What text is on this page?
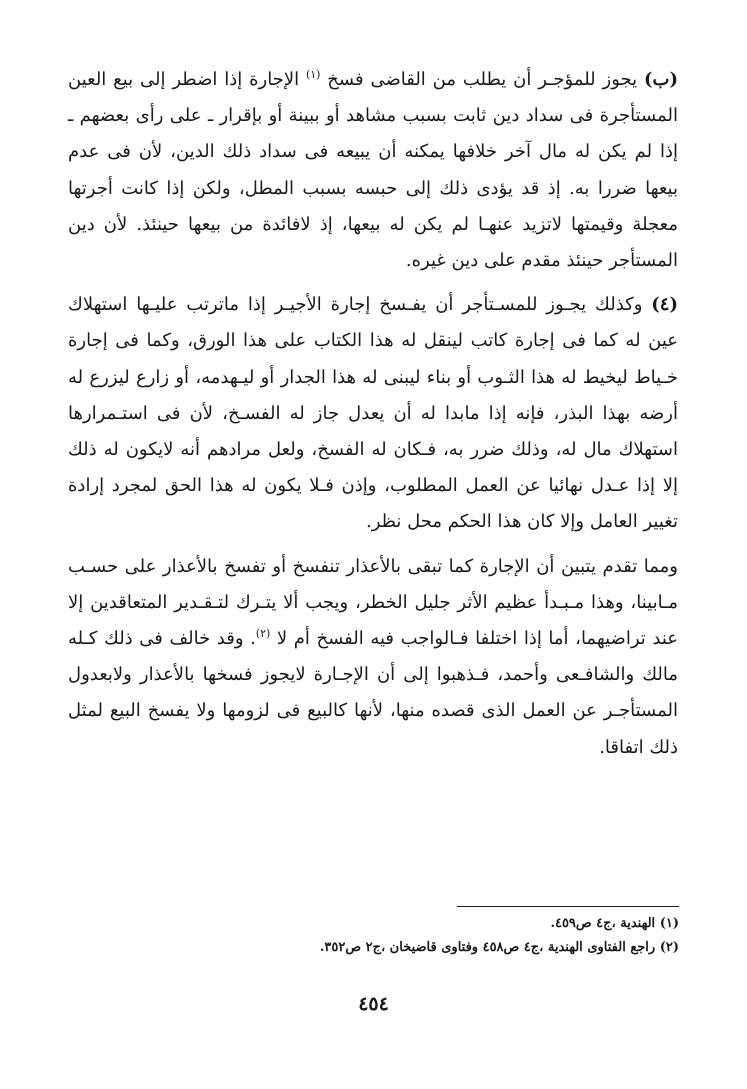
(ب) يجوز للمؤجـر أن يطلب من القاضى فسخ $^{(١)}$ الإجارة إذا اضطر إلى بيع العين المستأجرة فى سداد دين ثابت بسبب مشاهد أو ببينة أو بإقرار ـ على رأى بعضهم ـ إذا لم يكن له مال آخر خلافها يمكنه أن يبيعه فى سداد ذلك الدين، لأن فى عدم بيعها ضررا به. إذ قد يؤدى ذلك إلى حبسه بسبب المطل، ولكن إذا كانت أجرتها معجلة وقيمتها لاتزيد عنهـا لم يكن له بيعها، إذ لافائدة من بيعها حينئذ. لأن دين المستأجر حينئذ مقدم على دين غيره.

(٤) وكذلك يجـوز للمسـتأجر أن يفـسخ إجارة الأجيـر إذا ماترتب عليـها استهلاك عين له كما فى إجارة كاتب لينقل له هذا الكتاب على هذا الورق، وكما فى إجارة خـياط ليخيط له هذا الثـوب أو بناء ليبنى له هذا الجدار أو ليـهدمه، أو زارع ليزرع له أرضه بهذا البذر، فإنه إذا مابدا له أن يعدل جاز له الفسـخ، لأن فى استـمرارها استهلاك مال له، وذلك ضرر به، فـكان له الفسخ، ولعل مرادهم أنه لايكون له ذلك إلا إذا عـدل نهائيا عن العمل المطلوب، وإذن فـلا يكون له هذا الحق لمجرد إرادة تغيير العامل وإلا كان هذا الحكم محل نظر.

ومما تقدم يتبين أن الإجارة كما تبقى بالأعذار تنفسخ أو تفسخ بالأعذار على حسـب مـابينا، وهذا مـبـدأ عظيم الأثر جليل الخطر، ويجب ألا يتـرك لتـقـدير المتعاقدين إلا عند تراضيهما، أما إذا اختلفا فـالواجب فيه الفسخ أم لا $^{(٢)}$. وقد خالف فى ذلك كـله مالك والشافـعى وأحمد، فـذهبوا إلى أن الإجـارة لايجوز فسخها بالأعذار ولابعدول المستأجـر عن العمل الذى قصده منها، لأنها كالبيع فى لزومها ولا يفسخ البيع لمثل ذلك اتفاقا.

(١) الهندية ،ج٤ ص٤٥٩.

(٢) راجع الفتاوى الهندية ،ج٤ ص٤٥٨ وفتاوى قاضيخان ،ج٢ ص٣٥٢.

٤٥٤
